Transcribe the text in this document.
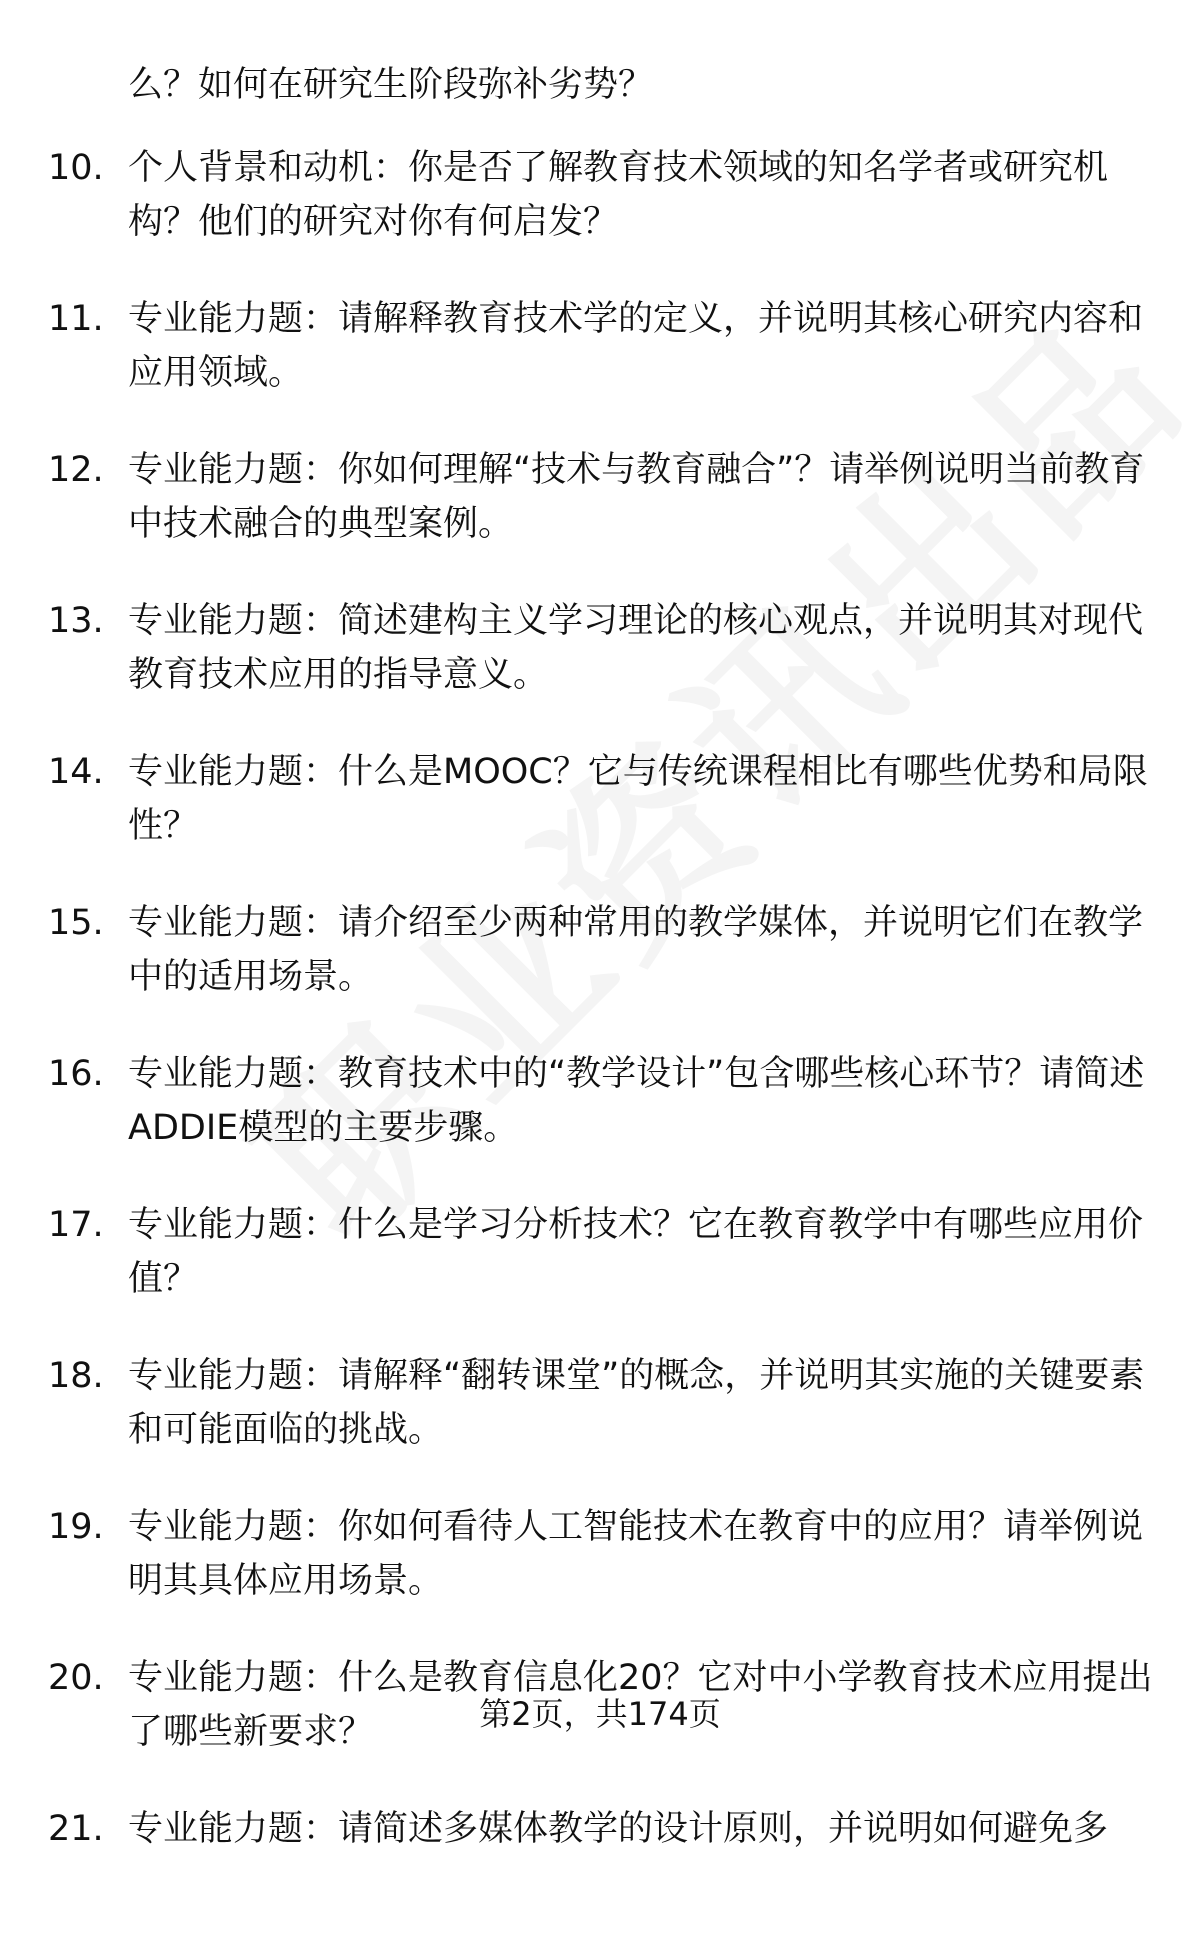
么？如何在研究生阶段弥补劣势？
10. 个人背景和动机：你是否了解教育技术领域的知名学者或研究机构？他们的研究对你有何启发？
11. 专业能力题：请解释教育技术学的定义，并说明其核心研究内容和应用领域。
12. 专业能力题：你如何理解“技术与教育融合”？请举例说明当前教育中技术融合的典型案例。
13. 专业能力题：简述建构主义学习理论的核心观点，并说明其对现代教育技术应用的指导意义。
14. 专业能力题：什么是MOOC？它与传统课程相比有哪些优势和局限性？
15. 专业能力题：请介绍至少两种常用的教学媒体，并说明它们在教学中的适用场景。
16. 专业能力题：教育技术中的“教学设计”包含哪些核心环节？请简述ADDIE模型的主要步骤。
17. 专业能力题：什么是学习分析技术？它在教育教学中有哪些应用价值？
18. 专业能力题：请解释“翻转课堂”的概念，并说明其实施的关键要素和可能面临的挑战。
19. 专业能力题：你如何看待人工智能技术在教育中的应用？请举例说明其具体应用场景。
20. 专业能力题：什么是教育信息化20？它对中小学教育技术应用提出了哪些新要求？
21. 专业能力题：请简述多媒体教学的设计原则，并说明如何避免多
第2页，共174页
